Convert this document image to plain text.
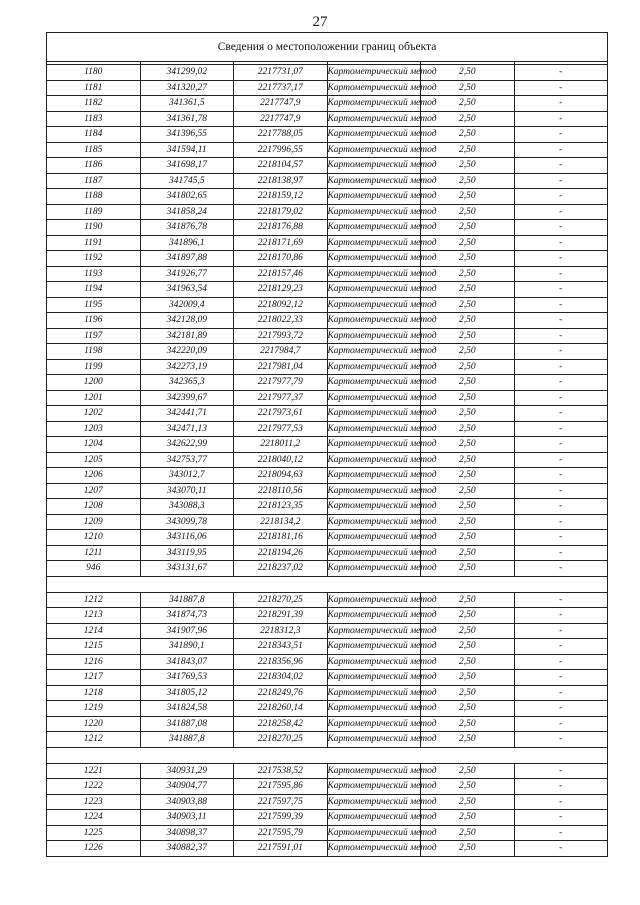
27
Сведения о местоположении границ объекта					

1180	341299,02	2217731,07	Картометрический метод	2,50	-
1181	341320,27	2217737,17	Картометрический метод	2,50	-
1182	341361,5	2217747,9	Картометрический метод	2,50	-
1183	341361,78	2217747,9	Картометрический метод	2,50	-
1184	341396,55	2217788,05	Картометрический метод	2,50	-
1185	341594,11	2217996,55	Картометрический метод	2,50	-
1186	341698,17	2218104,57	Картометрический метод	2,50	-
1187	341745,5	2218138,97	Картометрический метод	2,50	-
1188	341802,65	2218159,12	Картометрический метод	2,50	-
1189	341858,24	2218179,02	Картометрический метод	2,50	-
1190	341876,78	2218176,88	Картометрический метод	2,50	-
1191	341896,1	2218171,69	Картометрический метод	2,50	-
1192	341897,88	2218170,86	Картометрический метод	2,50	-
1193	341926,77	2218157,46	Картометрический метод	2,50	-
1194	341963,54	2218129,23	Картометрический метод	2,50	-
1195	342009,4	2218092,12	Картометрический метод	2,50	-
1196	342128,09	2218022,33	Картометрический метод	2,50	-
1197	342181,89	2217993,72	Картометрический метод	2,50	-
1198	342220,09	2217984,7	Картометрический метод	2,50	-
1199	342273,19	2217981,04	Картометрический метод	2,50	-
1200	342365,3	2217977,79	Картометрический метод	2,50	-
1201	342399,67	2217977,37	Картометрический метод	2,50	-
1202	342441,71	2217973,61	Картометрический метод	2,50	-
1203	342471,13	2217977,53	Картометрический метод	2,50	-
1204	342622,99	2218011,2	Картометрический метод	2,50	-
1205	342753,77	2218040,12	Картометрический метод	2,50	-
1206	343012,7	2218094,63	Картометрический метод	2,50	-
1207	343070,11	2218110,56	Картометрический метод	2,50	-
1208	343088,3	2218123,35	Картометрический метод	2,50	-
1209	343099,78	2218134,2	Картометрический метод	2,50	-
1210	343116,06	2218181,16	Картометрический метод	2,50	-
1211	343119,95	2218194,26	Картометрический метод	2,50	-
946	343131,67	2218237,02	Картометрический метод	2,50	-

1212	341887,8	2218270,25	Картометрический метод	2,50	-
1213	341874,73	2218291,39	Картометрический метод	2,50	-
1214	341907,96	2218312,3	Картометрический метод	2,50	-
1215	341890,1	2218343,51	Картометрический метод	2,50	-
1216	341843,07	2218356,96	Картометрический метод	2,50	-
1217	341769,53	2218304,02	Картометрический метод	2,50	-
1218	341805,12	2218249,76	Картометрический метод	2,50	-
1219	341824,58	2218260,14	Картометрический метод	2,50	-
1220	341887,08	2218258,42	Картометрический метод	2,50	-
1212	341887,8	2218270,25	Картометрический метод	2,50	-

1221	340931,29	2217538,52	Картометрический метод	2,50	-
1222	340904,77	2217595,86	Картометрический метод	2,50	-
1223	340903,88	2217597,75	Картометрический метод	2,50	-
1224	340903,11	2217599,39	Картометрический метод	2,50	-
1225	340898,37	2217595,79	Картометрический метод	2,50	-
1226	340882,37	2217591,01	Картометрический метод	2,50	-
